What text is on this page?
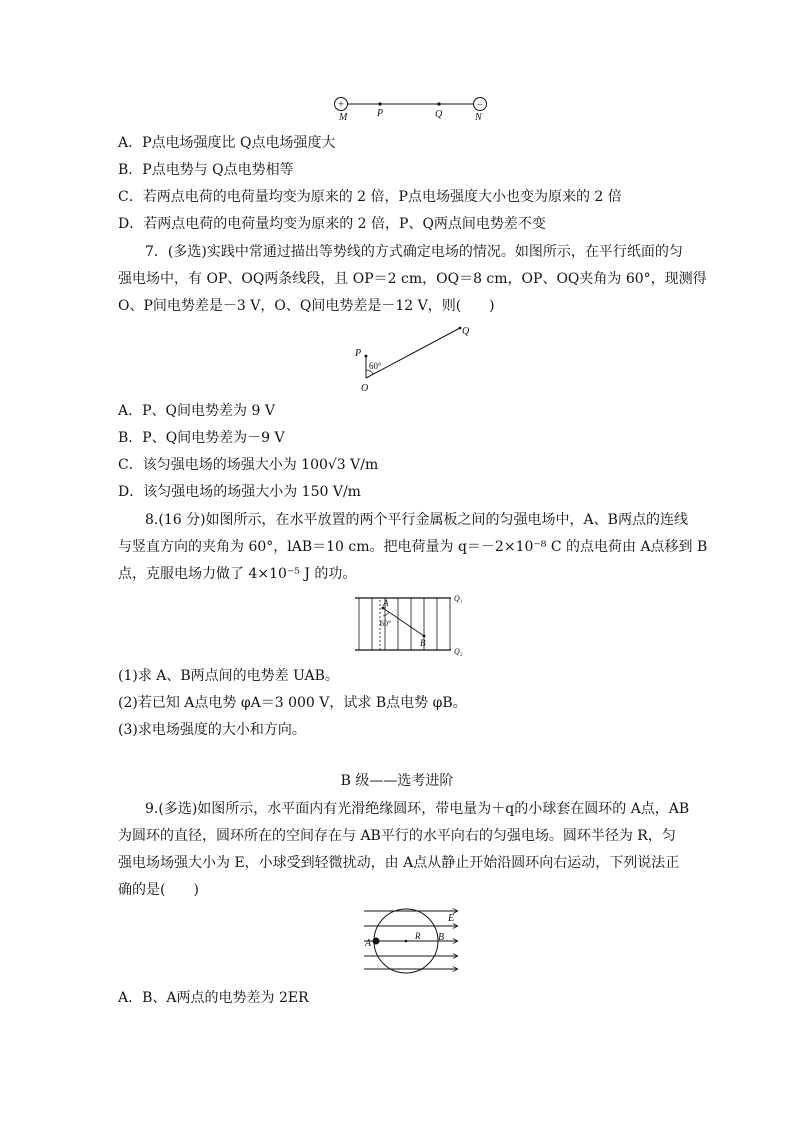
+	−
M	P	Q	N
A．P点电场强度比 Q点电场强度大
B．P点电势与 Q点电势相等
C．若两点电荷的电荷量均变为原来的 2 倍，P点电场强度大小也变为原来的 2 倍
D．若两点电荷的电荷量均变为原来的 2 倍，P、Q两点间电势差不变
7．(多选)实践中常通过描出等势线的方式确定电场的情况。如图所示，在平行纸面的匀
强电场中，有 OP、OQ两条线段，且 OP＝2 cm，OQ＝8 cm，OP、OQ夹角为 60°，现测得
O、P间电势差是－3 V，O、Q间电势差是－12 V，则(　　)
P
Q
O
60°
A．P、Q间电势差为 9 V
B．P、Q间电势差为－9 V
C．该匀强电场的场强大小为 100√3 V/m
D．该匀强电场的场强大小为 150 V/m
8.(16 分)如图所示，在水平放置的两个平行金属板之间的匀强电场中，A、B两点的连线
与竖直方向的夹角为 60°，lAB＝10 cm。把电荷量为 q＝－2×10⁻⁸ C 的点电荷由 A点移到 B
点，克服电场力做了 4×10⁻⁵ J 的功。
A
B
60°
Q₁
Q₂
(1)求 A、B两点间的电势差 UAB。
(2)若已知 A点电势 φA＝3 000 V，试求 B点电势 φB。
(3)求电场强度的大小和方向。
B 级——选考进阶
9.(多选)如图所示，水平面内有光滑绝缘圆环，带电量为＋q的小球套在圆环的 A点，AB
为圆环的直径，圆环所在的空间存在与 AB平行的水平向右的匀强电场。圆环半径为 R，匀
强电场场强大小为 E，小球受到轻微扰动，由 A点从静止开始沿圆环向右运动，下列说法正
确的是(　　)
A
R B
E
A．B、A两点的电势差为 2ER
